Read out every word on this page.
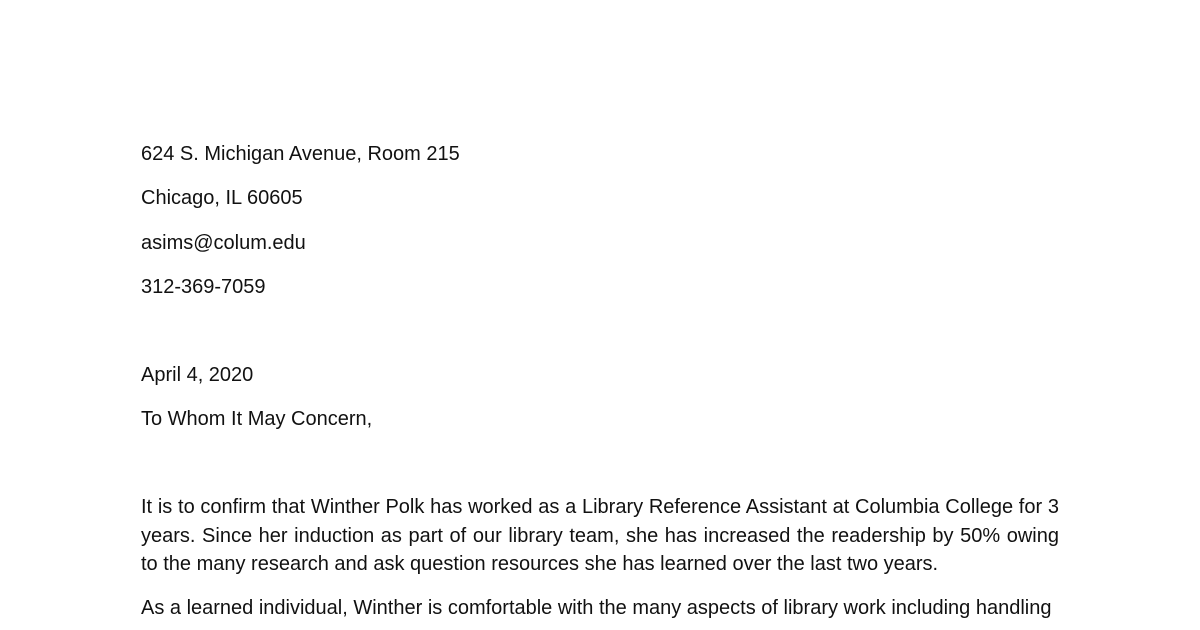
624 S. Michigan Avenue, Room 215
Chicago, IL 60605
asims@colum.edu
312-369-7059
April 4, 2020
To Whom It May Concern,

It is to confirm that Winther Polk has worked as a Library Reference Assistant at Columbia College for 3 years. Since her induction as part of our library team, she has increased the readership by 50% owing to the many research and ask question resources she has learned over the last two years.

As a learned individual, Winther is comfortable with the many aspects of library work including handling
